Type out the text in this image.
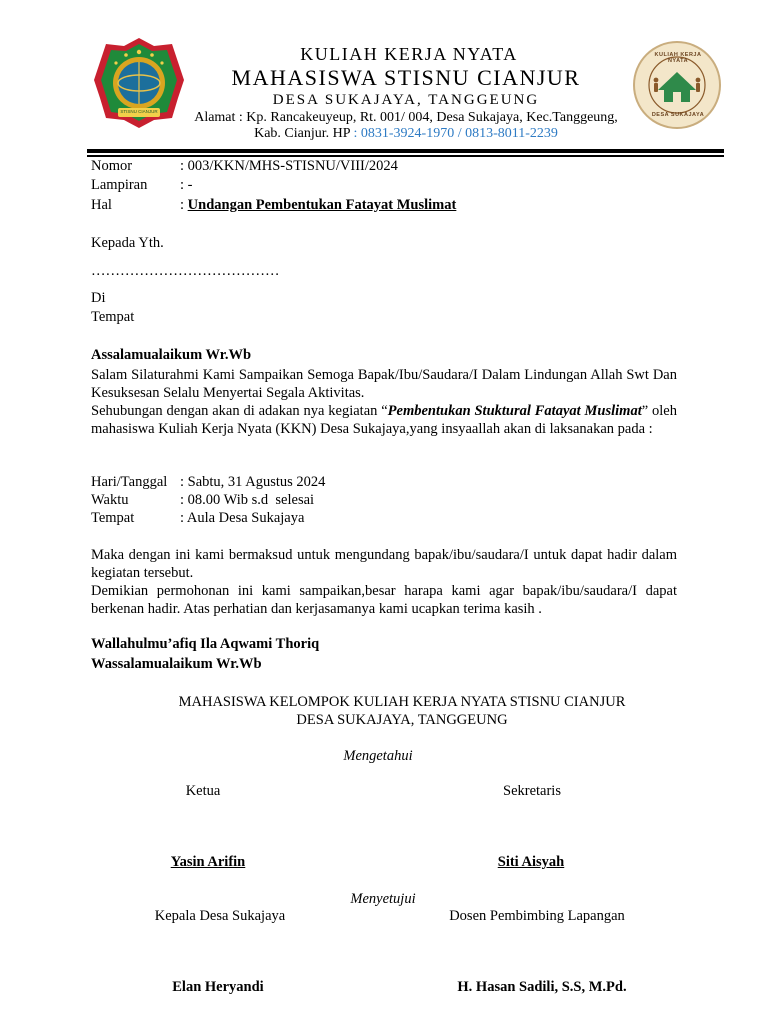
STISNU CIANJUR
KULIAH KERJA NYATA
DESA SUKAJAYA
KULIAH KERJA NYATA
MAHASISWA STISNU CIANJUR
DESA SUKAJAYA, TANGGEUNG
Alamat : Kp. Rancakeuyeup, Rt. 001/ 004, Desa Sukajaya, Kec.Tanggeung,
Kab. Cianjur. HP : 0831-3924-1970 / 0813-8011-2239
Nomor	: 003/KKN/MHS-STISNU/VIII/2024
Lampiran : -
Hal	: Undangan Pembentukan Fatayat Muslimat
Kepada Yth.
…………………………………
Di
Tempat
Assalamualaikum Wr.Wb
Salam Silaturahmi Kami Sampaikan Semoga Bapak/Ibu/Saudara/I Dalam Lindungan Allah Swt Dan Kesuksesan Selalu Menyertai Segala Aktivitas.
Sehubungan dengan akan di adakan nya kegiatan “Pembentukan Stuktural Fatayat Muslimat” oleh mahasiswa Kuliah Kerja Nyata (KKN) Desa Sukajaya,yang insyaallah akan di laksanakan pada :
Hari/Tanggal : Sabtu, 31 Agustus 2024
Waktu	: 08.00 Wib s.d  selesai
Tempat	: Aula Desa Sukajaya
Maka dengan ini kami bermaksud untuk mengundang bapak/ibu/saudara/I untuk dapat hadir dalam kegiatan tersebut.
Demikian permohonan ini kami sampaikan,besar harapa kami agar bapak/ibu/saudara/I dapat berkenan hadir. Atas perhatian dan kerjasamanya kami ucapkan terima kasih .
Wallahulmu’afiq Ila Aqwami Thoriq
Wassalamualaikum Wr.Wb
MAHASISWA KELOMPOK KULIAH KERJA NYATA STISNU CIANJUR
DESA SUKAJAYA, TANGGEUNG
Mengetahui
Ketua	Sekretaris
Yasin Arifin	Siti Aisyah
Menyetujui
Kepala Desa Sukajaya	Dosen Pembimbing Lapangan
Elan Heryandi	H. Hasan Sadili, S.S, M.Pd.
